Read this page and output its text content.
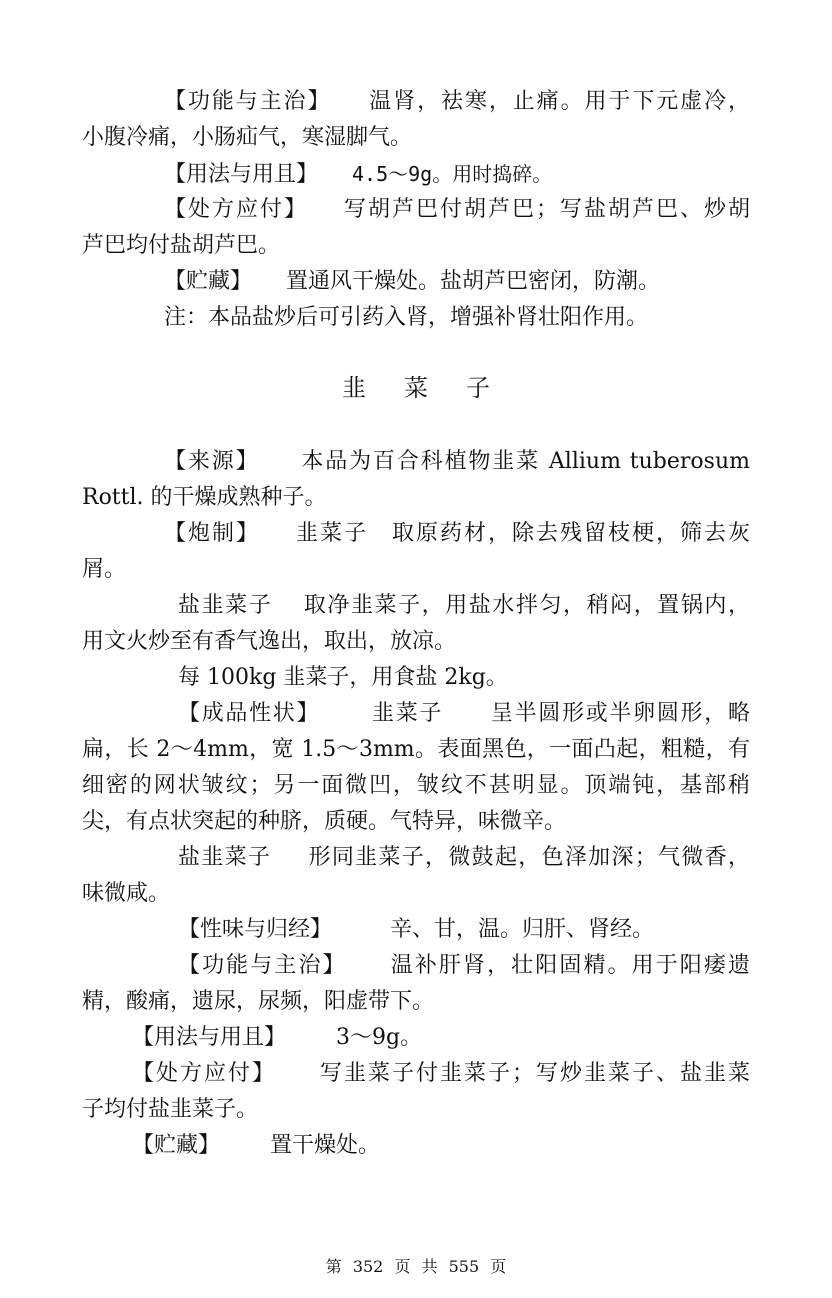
【功能与主治】 温肾，祛寒，止痛。用于下元虚冷，
小腹冷痛，小肠疝气，寒湿脚气。
【用法与用且】 4.5～9g。用时捣碎。
【处方应付】 写胡芦巴付胡芦巴；写盐胡芦巴、炒胡
芦巴均付盐胡芦巴。
【贮藏】 置通风干燥处。盐胡芦巴密闭，防潮。
注：本品盐炒后可引药入肾，增强补肾壮阳作用。
韭菜子
【来源】 本品为百合科植物韭菜 Allium tuberosum
Rottl. 的干燥成熟种子。
【炮制】 韭菜子　取原药材，除去残留枝梗，筛去灰
屑。
盐韭菜子 取净韭菜子，用盐水拌匀，稍闷，置锅内，
用文火炒至有香气逸出，取出，放凉。
每 100kg 韭菜子，用食盐 2kg。
【成品性状】 韭菜子 呈半圆形或半卵圆形，略
扁，长 2～4mm，宽 1.5～3mm。表面黑色，一面凸起，粗糙，有
细密的网状皱纹；另一面微凹，皱纹不甚明显。顶端钝，基部稍
尖，有点状突起的种脐，质硬。气特异，味微辛。
盐韭菜子 形同韭菜子，微鼓起，色泽加深；气微香，
味微咸。
【性味与归经】	辛、甘，温。归肝、肾经。
【功能与主治】 温补肝肾，壮阳固精。用于阳痿遗
精，酸痛，遗尿，尿频，阳虚带下。
【用法与用且】 3～9g。
【处方应付】 写韭菜子付韭菜子；写炒韭菜子、盐韭菜
子均付盐韭菜子。
【贮藏】 置干燥处。
第 352 页 共 555 页
